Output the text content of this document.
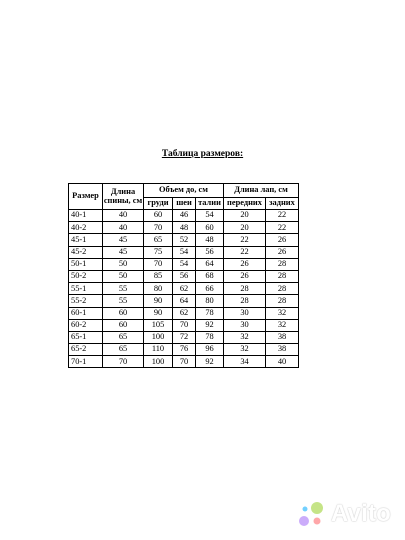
Таблица размеров:
Размер	Длина спины, см	Объем до, см			Длина лап, см	
		груди	шеи	талии	передних	задних
40-1	40	60	46	54	20	22
40-2	40	70	48	60	20	22
45-1	45	65	52	48	22	26
45-2	45	75	54	56	22	26
50-1	50	70	54	64	26	28
50-2	50	85	56	68	26	28
55-1	55	80	62	66	28	28
55-2	55	90	64	80	28	28
60-1	60	90	62	78	30	32
60-2	60	105	70	92	30	32
65-1	65	100	72	78	32	38
65-2	65	110	76	96	32	38
70-1	70	100	70	92	34	40
Avito
